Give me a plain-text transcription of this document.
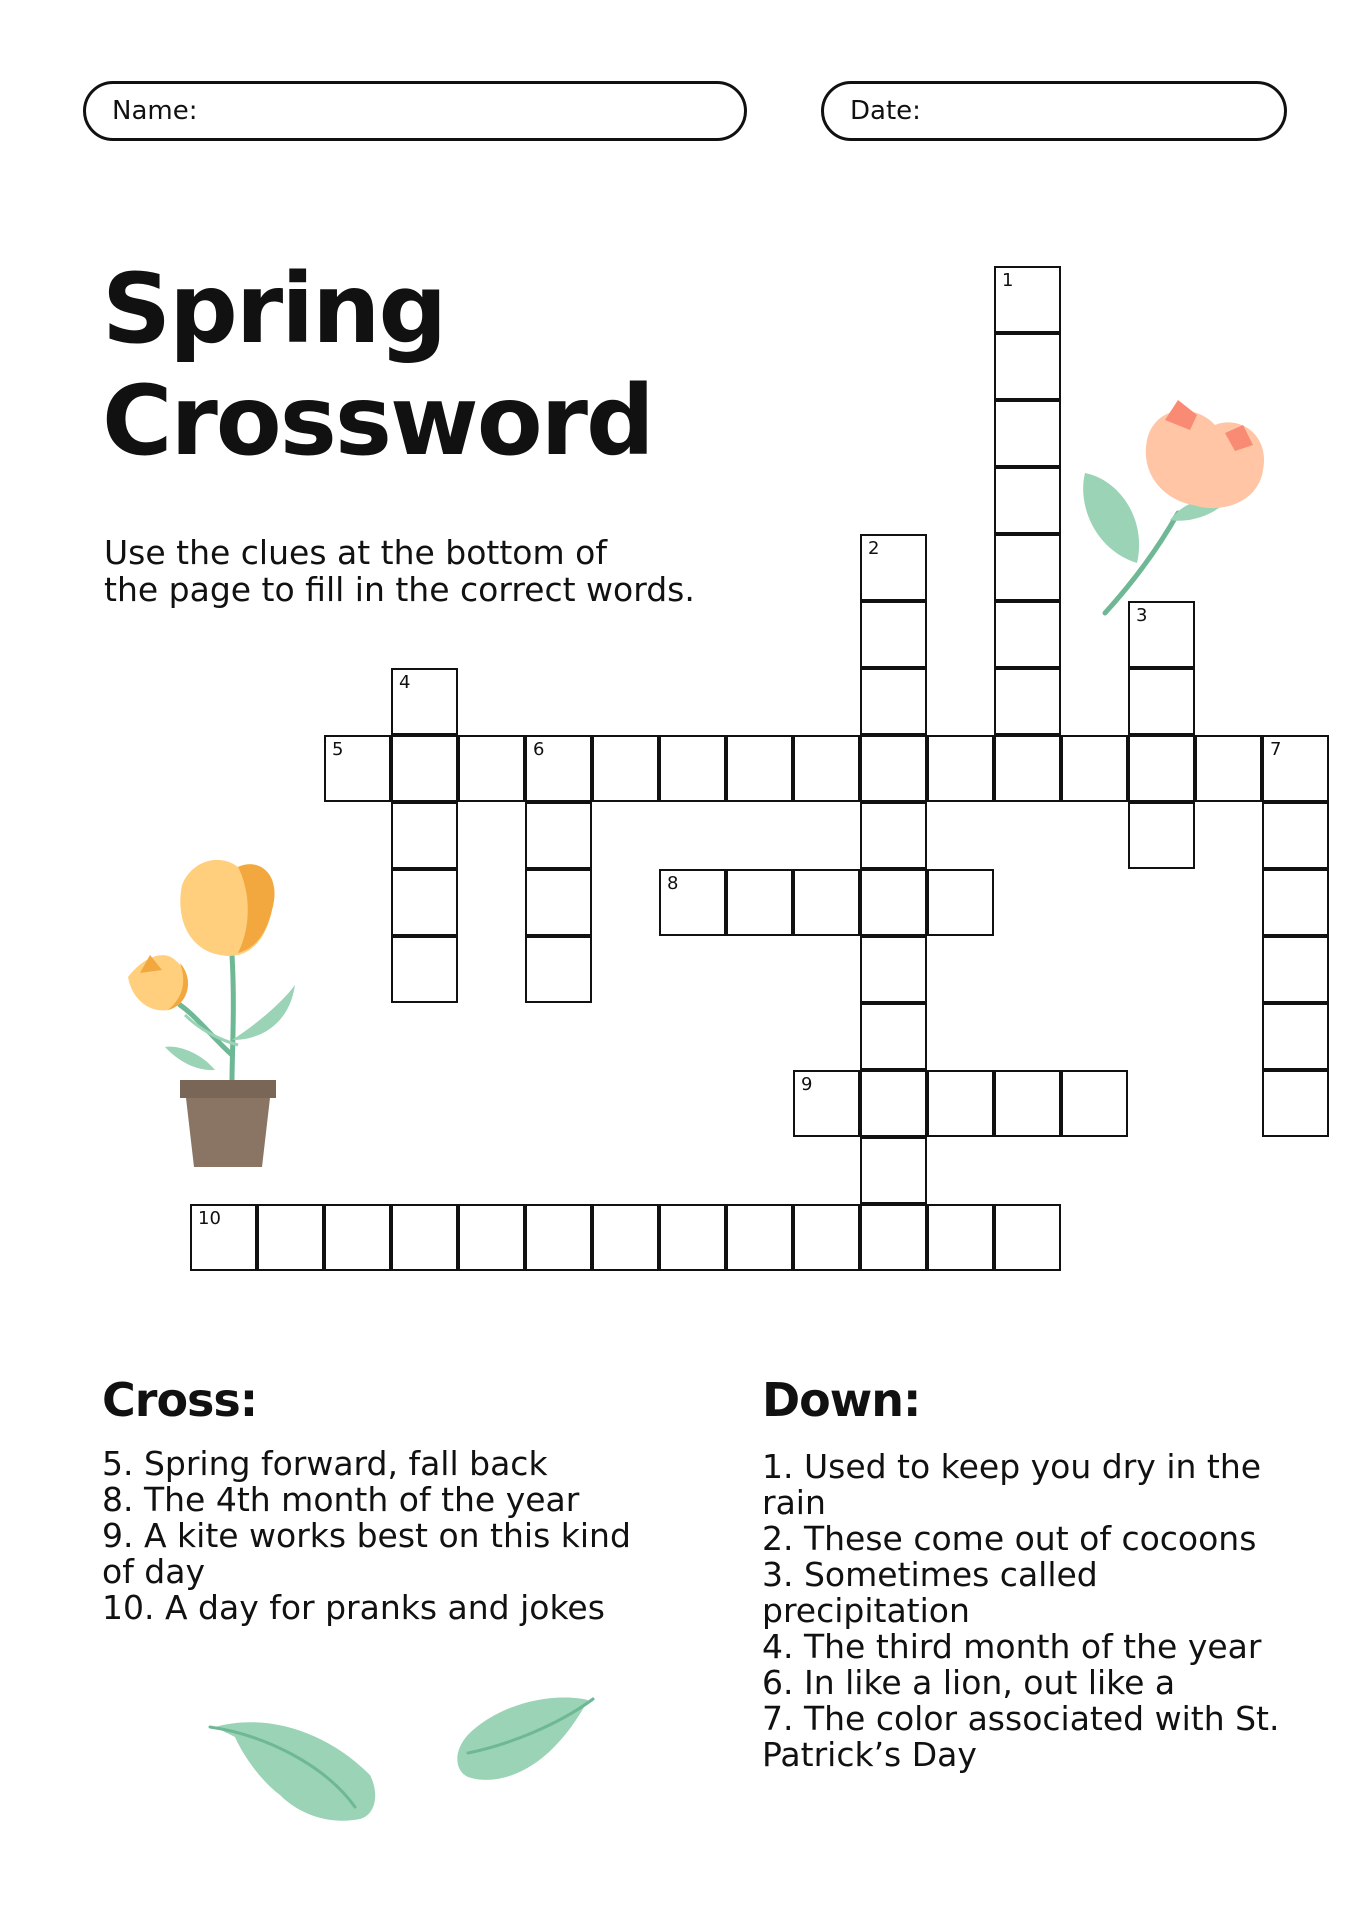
Name:	Date:
Spring
Crossword

Use the clues at the bottom of
the page to fill in the correct words.

1
2
3
4
5	6	7
8
9
10
Cross:	Down:
5. Spring forward, fall back
8. The 4th month of the year
9. A kite works best on this kind of day
10. A day for pranks and jokes
1. Used to keep you dry in the rain
2. These come out of cocoons
3. Sometimes called precipitation
4. The third month of the year
6. In like a lion, out like a
7. The color associated with St. Patrick’s Day
